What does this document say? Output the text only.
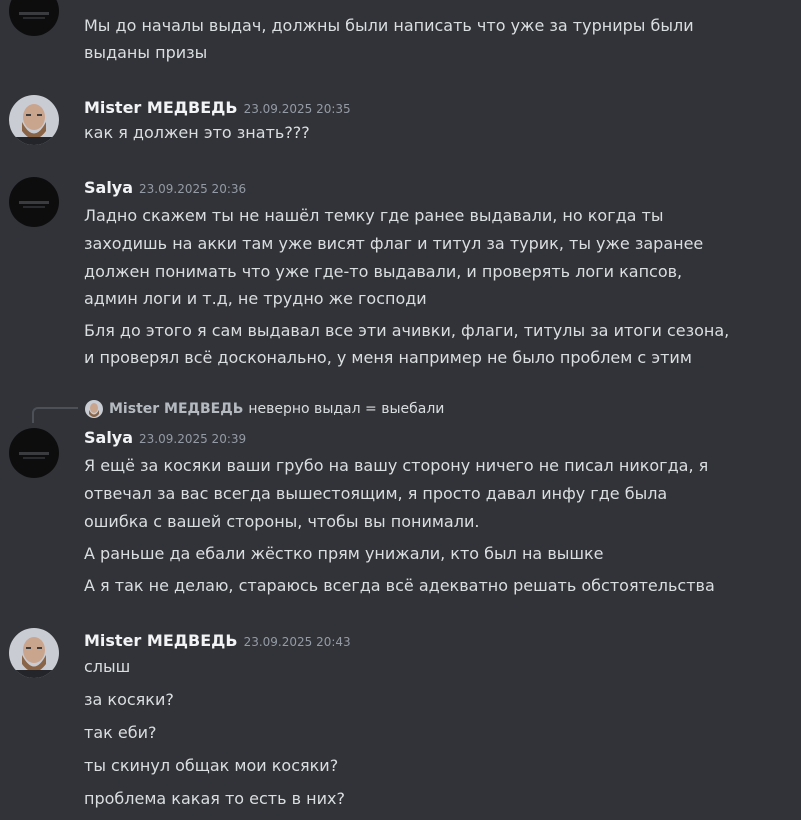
Мы до началы выдач, должны были написать что уже за турниры были
выданы призы
Mister МЕДВЕДЬ 23.09.2025 20:35
как я должен это знать???
Salya 23.09.2025 20:36
Ладно скажем ты не нашёл темку где ранее выдавали, но когда ты
заходишь на акки там уже висят флаг и титул за турик, ты уже заранее
должен понимать что уже где-то выдавали, и проверять логи капсов,
админ логи и т.д, не трудно же господи
Бля до этого я сам выдавал все эти ачивки, флаги, титулы за итоги сезона,
и проверял всё досконально, у меня например не было проблем с этим
Mister МЕДВЕДЬ неверно выдал = выебали
Salya 23.09.2025 20:39
Я ещё за косяки ваши грубо на вашу сторону ничего не писал никогда, я
отвечал за вас всегда вышестоящим, я просто давал инфу где была
ошибка с вашей стороны, чтобы вы понимали.
А раньше да ебали жёстко прям унижали, кто был на вышке
А я так не делаю, стараюсь всегда всё адекватно решать обстоятельства
Mister МЕДВЕДЬ 23.09.2025 20:43
слыш
за косяки?
так еби?
ты скинул общак мои косяки?
проблема какая то есть в них?
